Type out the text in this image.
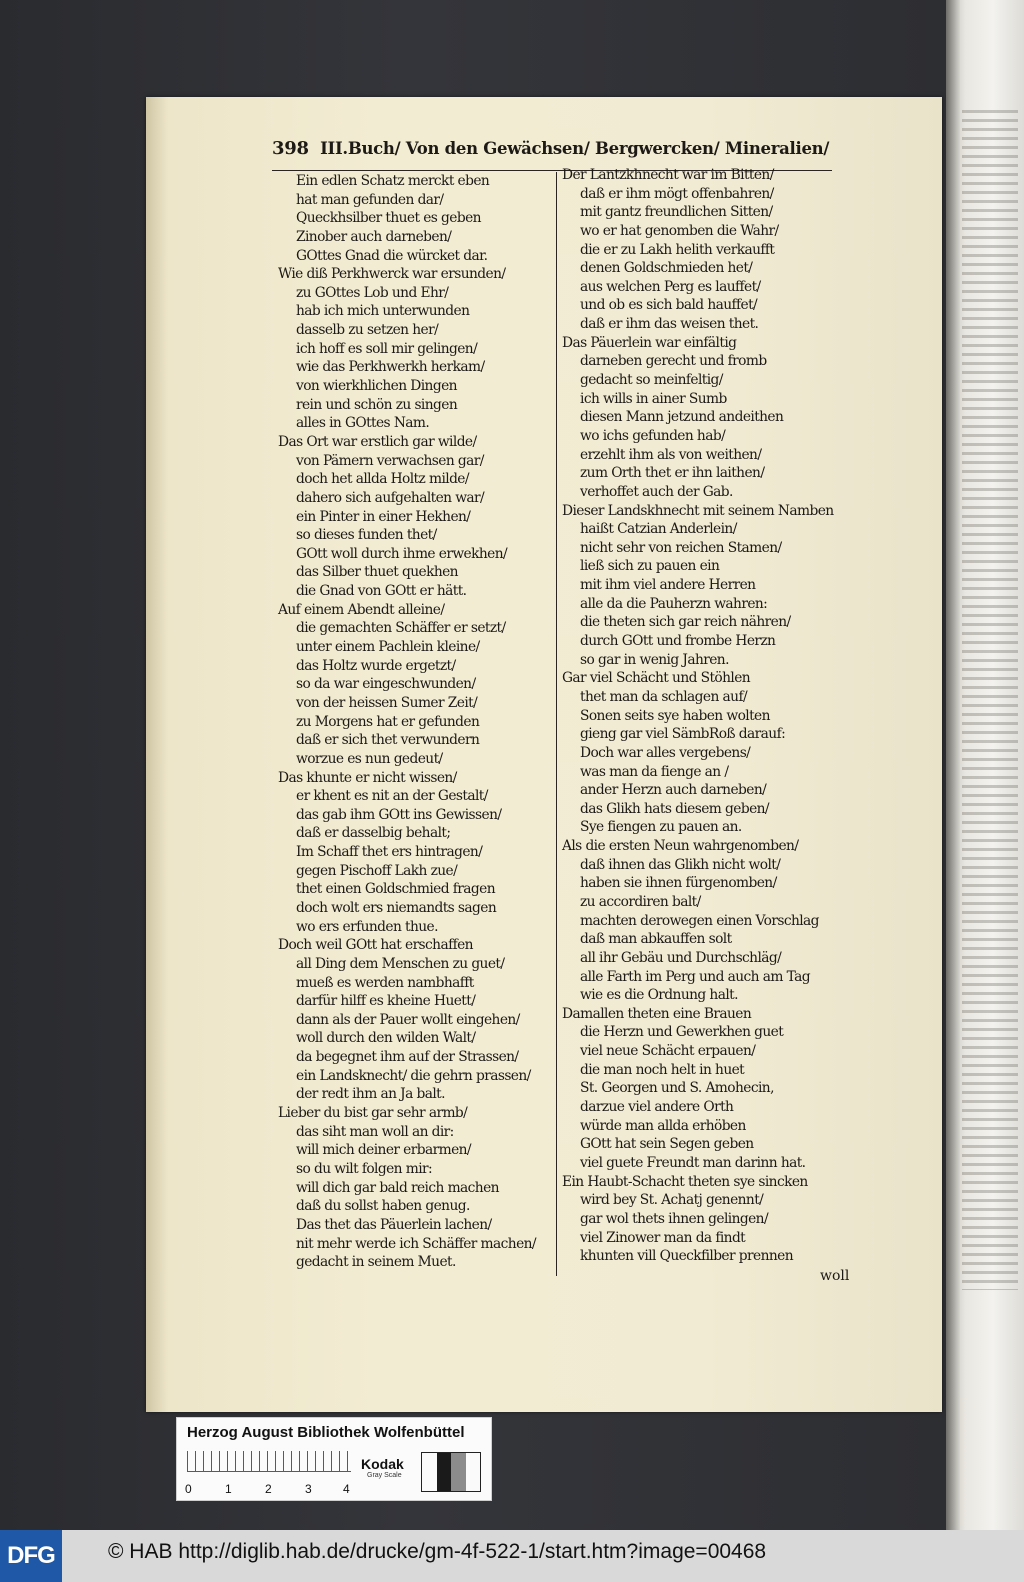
398 III.Buch/ Von den Gewächsen/ Bergwercken/ Mineralien/
Ein edlen Schatz merckt eben
hat man gefunden dar/
Queckhsilber thuet es geben
Zinober auch darneben/
GOttes Gnad die würcket dar.
Wie diß Perkhwerck war ersunden/
zu GOttes Lob und Ehr/
hab ich mich unterwunden
dasselb zu setzen her/
ich hoff es soll mir gelingen/
wie das Perkhwerkh herkam/
von wierkhlichen Dingen
rein und schön zu singen
alles in GOttes Nam.
Das Ort war erstlich gar wilde/
von Pämern verwachsen gar/
doch het allda Holtz milde/
dahero sich aufgehalten war/
ein Pinter in einer Hekhen/
so dieses funden thet/
GOtt woll durch ihme erwekhen/
das Silber thuet quekhen
die Gnad von GOtt er hätt.
Auf einem Abendt alleine/
die gemachten Schäffer er setzt/
unter einem Pachlein kleine/
das Holtz wurde ergetzt/
so da war eingeschwunden/
von der heissen Sumer Zeit/
zu Morgens hat er gefunden
daß er sich thet verwundern
worzue es nun gedeut/
Das khunte er nicht wissen/
er khent es nit an der Gestalt/
das gab ihm GOtt ins Gewissen/
daß er dasselbig behalt;
Im Schaff thet ers hintragen/
gegen Pischoff Lakh zue/
thet einen Goldschmied fragen
doch wolt ers niemandts sagen
wo ers erfunden thue.
Doch weil GOtt hat erschaffen
all Ding dem Menschen zu guet/
mueß es werden nambhafft
darfür hilff es kheine Huett/
dann als der Pauer wollt eingehen/
woll durch den wilden Walt/
da begegnet ihm auf der Strassen/
ein Landsknecht/ die gehrn prassen/
der redt ihm an Ja balt.
Lieber du bist gar sehr armb/
das siht man woll an dir:
will mich deiner erbarmen/
so du wilt folgen mir:
will dich gar bald reich machen
daß du sollst haben genug.
Das thet das Päuerlein lachen/
nit mehr werde ich Schäffer machen/
gedacht in seinem Muet.
Der Lantzkhnecht war im Bitten/
daß er ihm mögt offenbahren/
mit gantz freundlichen Sitten/
wo er hat genomben die Wahr/
die er zu Lakh helith verkaufft
denen Goldschmieden het/
aus welchen Perg es lauffet/
und ob es sich bald hauffet/
daß er ihm das weisen thet.
Das Päuerlein war einfältig
darneben gerecht und fromb
gedacht so meinfeltig/
ich wills in ainer Sumb
diesen Mann jetzund andeithen
wo ichs gefunden hab/
erzehlt ihm als von weithen/
zum Orth thet er ihn laithen/
verhoffet auch der Gab.
Dieser Landskhnecht mit seinem Namben
haißt Catzian Anderlein/
nicht sehr von reichen Stamen/
ließ sich zu pauen ein
mit ihm viel andere Herren
alle da die Pauherzn wahren:
die theten sich gar reich nähren/
durch GOtt und frombe Herzn
so gar in wenig Jahren.
Gar viel Schächt und Stöhlen
thet man da schlagen auf/
Sonen seits sye haben wolten
gieng gar viel SämbRoß darauf:
Doch war alles vergebens/
was man da fienge an /
ander Herzn auch darneben/
das Glikh hats diesem geben/
Sye fiengen zu pauen an.
Als die ersten Neun wahrgenomben/
daß ihnen das Glikh nicht wolt/
haben sie ihnen fürgenomben/
zu accordiren balt/
machten derowegen einen Vorschlag
daß man abkauffen solt
all ihr Gebäu und Durchschläg/
alle Farth im Perg und auch am Tag
wie es die Ordnung halt.
Damallen theten eine Brauen
die Herzn und Gewerkhen guet
viel neue Schächt erpauen/
die man noch helt in huet
St. Georgen und S. Amohecin,
darzue viel andere Orth
würde man allda erhöben
GOtt hat sein Segen geben
viel guete Freundt man darinn hat.
Ein Haubt-Schacht theten sye sincken
wird bey St. Achatj genennt/
gar wol thets ihnen gelingen/
viel Zinower man da findt
khunten vill Queckfilber prennen
woll
Herzog August Bibliothek Wolfenbüttel
0	1	2	3	4
Kodak
Gray Scale
DFG	© HAB http://diglib.hab.de/drucke/gm-4f-522-1/start.htm?image=00468
